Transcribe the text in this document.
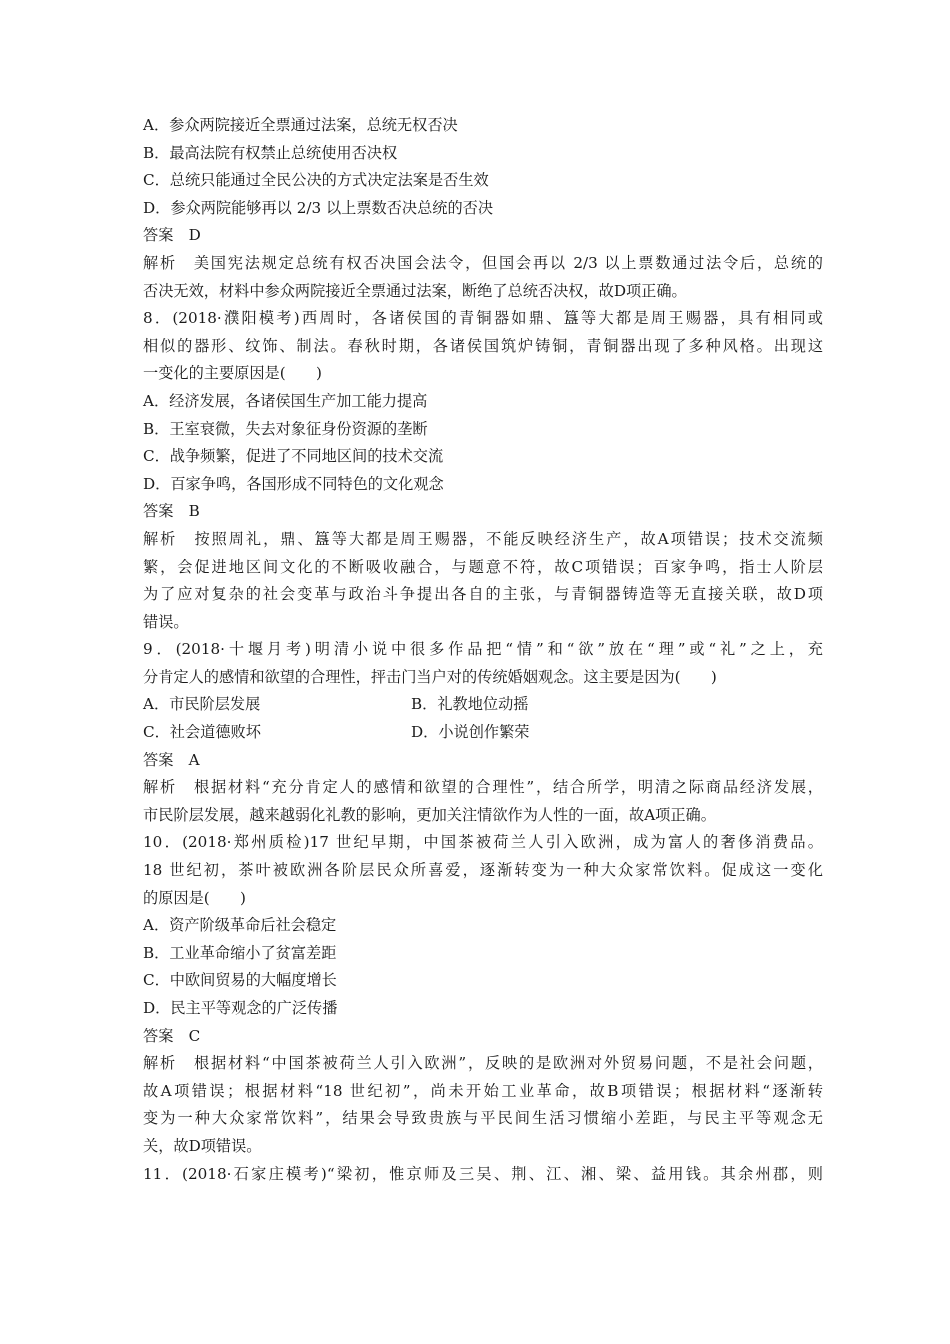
A．参众两院接近全票通过法案，总统无权否决
B．最高法院有权禁止总统使用否决权
C．总统只能通过全民公决的方式决定法案是否生效
D．参众两院能够再以 2/3 以上票数否决总统的否决
答案　D
解析　美国宪法规定总统有权否决国会法令，但国会再以 2/3 以上票数通过法令后，总统的
否决无效，材料中参众两院接近全票通过法案，断绝了总统否决权，故D项正确。
8．(2018·濮阳模考)西周时，各诸侯国的青铜器如鼎、簋等大都是周王赐器，具有相同或
相似的器形、纹饰、制法。春秋时期，各诸侯国筑炉铸铜，青铜器出现了多种风格。出现这
一变化的主要原因是(　　)
A．经济发展，各诸侯国生产加工能力提高
B．王室衰微，失去对象征身份资源的垄断
C．战争频繁，促进了不同地区间的技术交流
D．百家争鸣，各国形成不同特色的文化观念
答案　B
解析　按照周礼，鼎、簋等大都是周王赐器，不能反映经济生产，故A项错误；技术交流频
繁，会促进地区间文化的不断吸收融合，与题意不符，故C项错误；百家争鸣，指士人阶层
为了应对复杂的社会变革与政治斗争提出各自的主张，与青铜器铸造等无直接关联，故D项
错误。
9．(2018·十堰月考)明清小说中很多作品把“情”和“欲”放在“理”或“礼”之上，充
分肯定人的感情和欲望的合理性，抨击门当户对的传统婚姻观念。这主要是因为(　　)
A．市民阶层发展	B．礼教地位动摇
C．社会道德败坏	D．小说创作繁荣
答案　A
解析　根据材料“充分肯定人的感情和欲望的合理性”，结合所学，明清之际商品经济发展，
市民阶层发展，越来越弱化礼教的影响，更加关注情欲作为人性的一面，故A项正确。
10．(2018·郑州质检)17 世纪早期，中国茶被荷兰人引入欧洲，成为富人的奢侈消费品。
18 世纪初，茶叶被欧洲各阶层民众所喜爱，逐渐转变为一种大众家常饮料。促成这一变化
的原因是(　　)
A．资产阶级革命后社会稳定
B．工业革命缩小了贫富差距
C．中欧间贸易的大幅度增长
D．民主平等观念的广泛传播
答案　C
解析　根据材料“中国茶被荷兰人引入欧洲”，反映的是欧洲对外贸易问题，不是社会问题，
故A项错误；根据材料“18 世纪初”，尚未开始工业革命，故B项错误；根据材料“逐渐转
变为一种大众家常饮料”，结果会导致贵族与平民间生活习惯缩小差距，与民主平等观念无
关，故D项错误。
11．(2018·石家庄模考)“梁初，惟京师及三吴、荆、江、湘、梁、益用钱。其余州郡，则
